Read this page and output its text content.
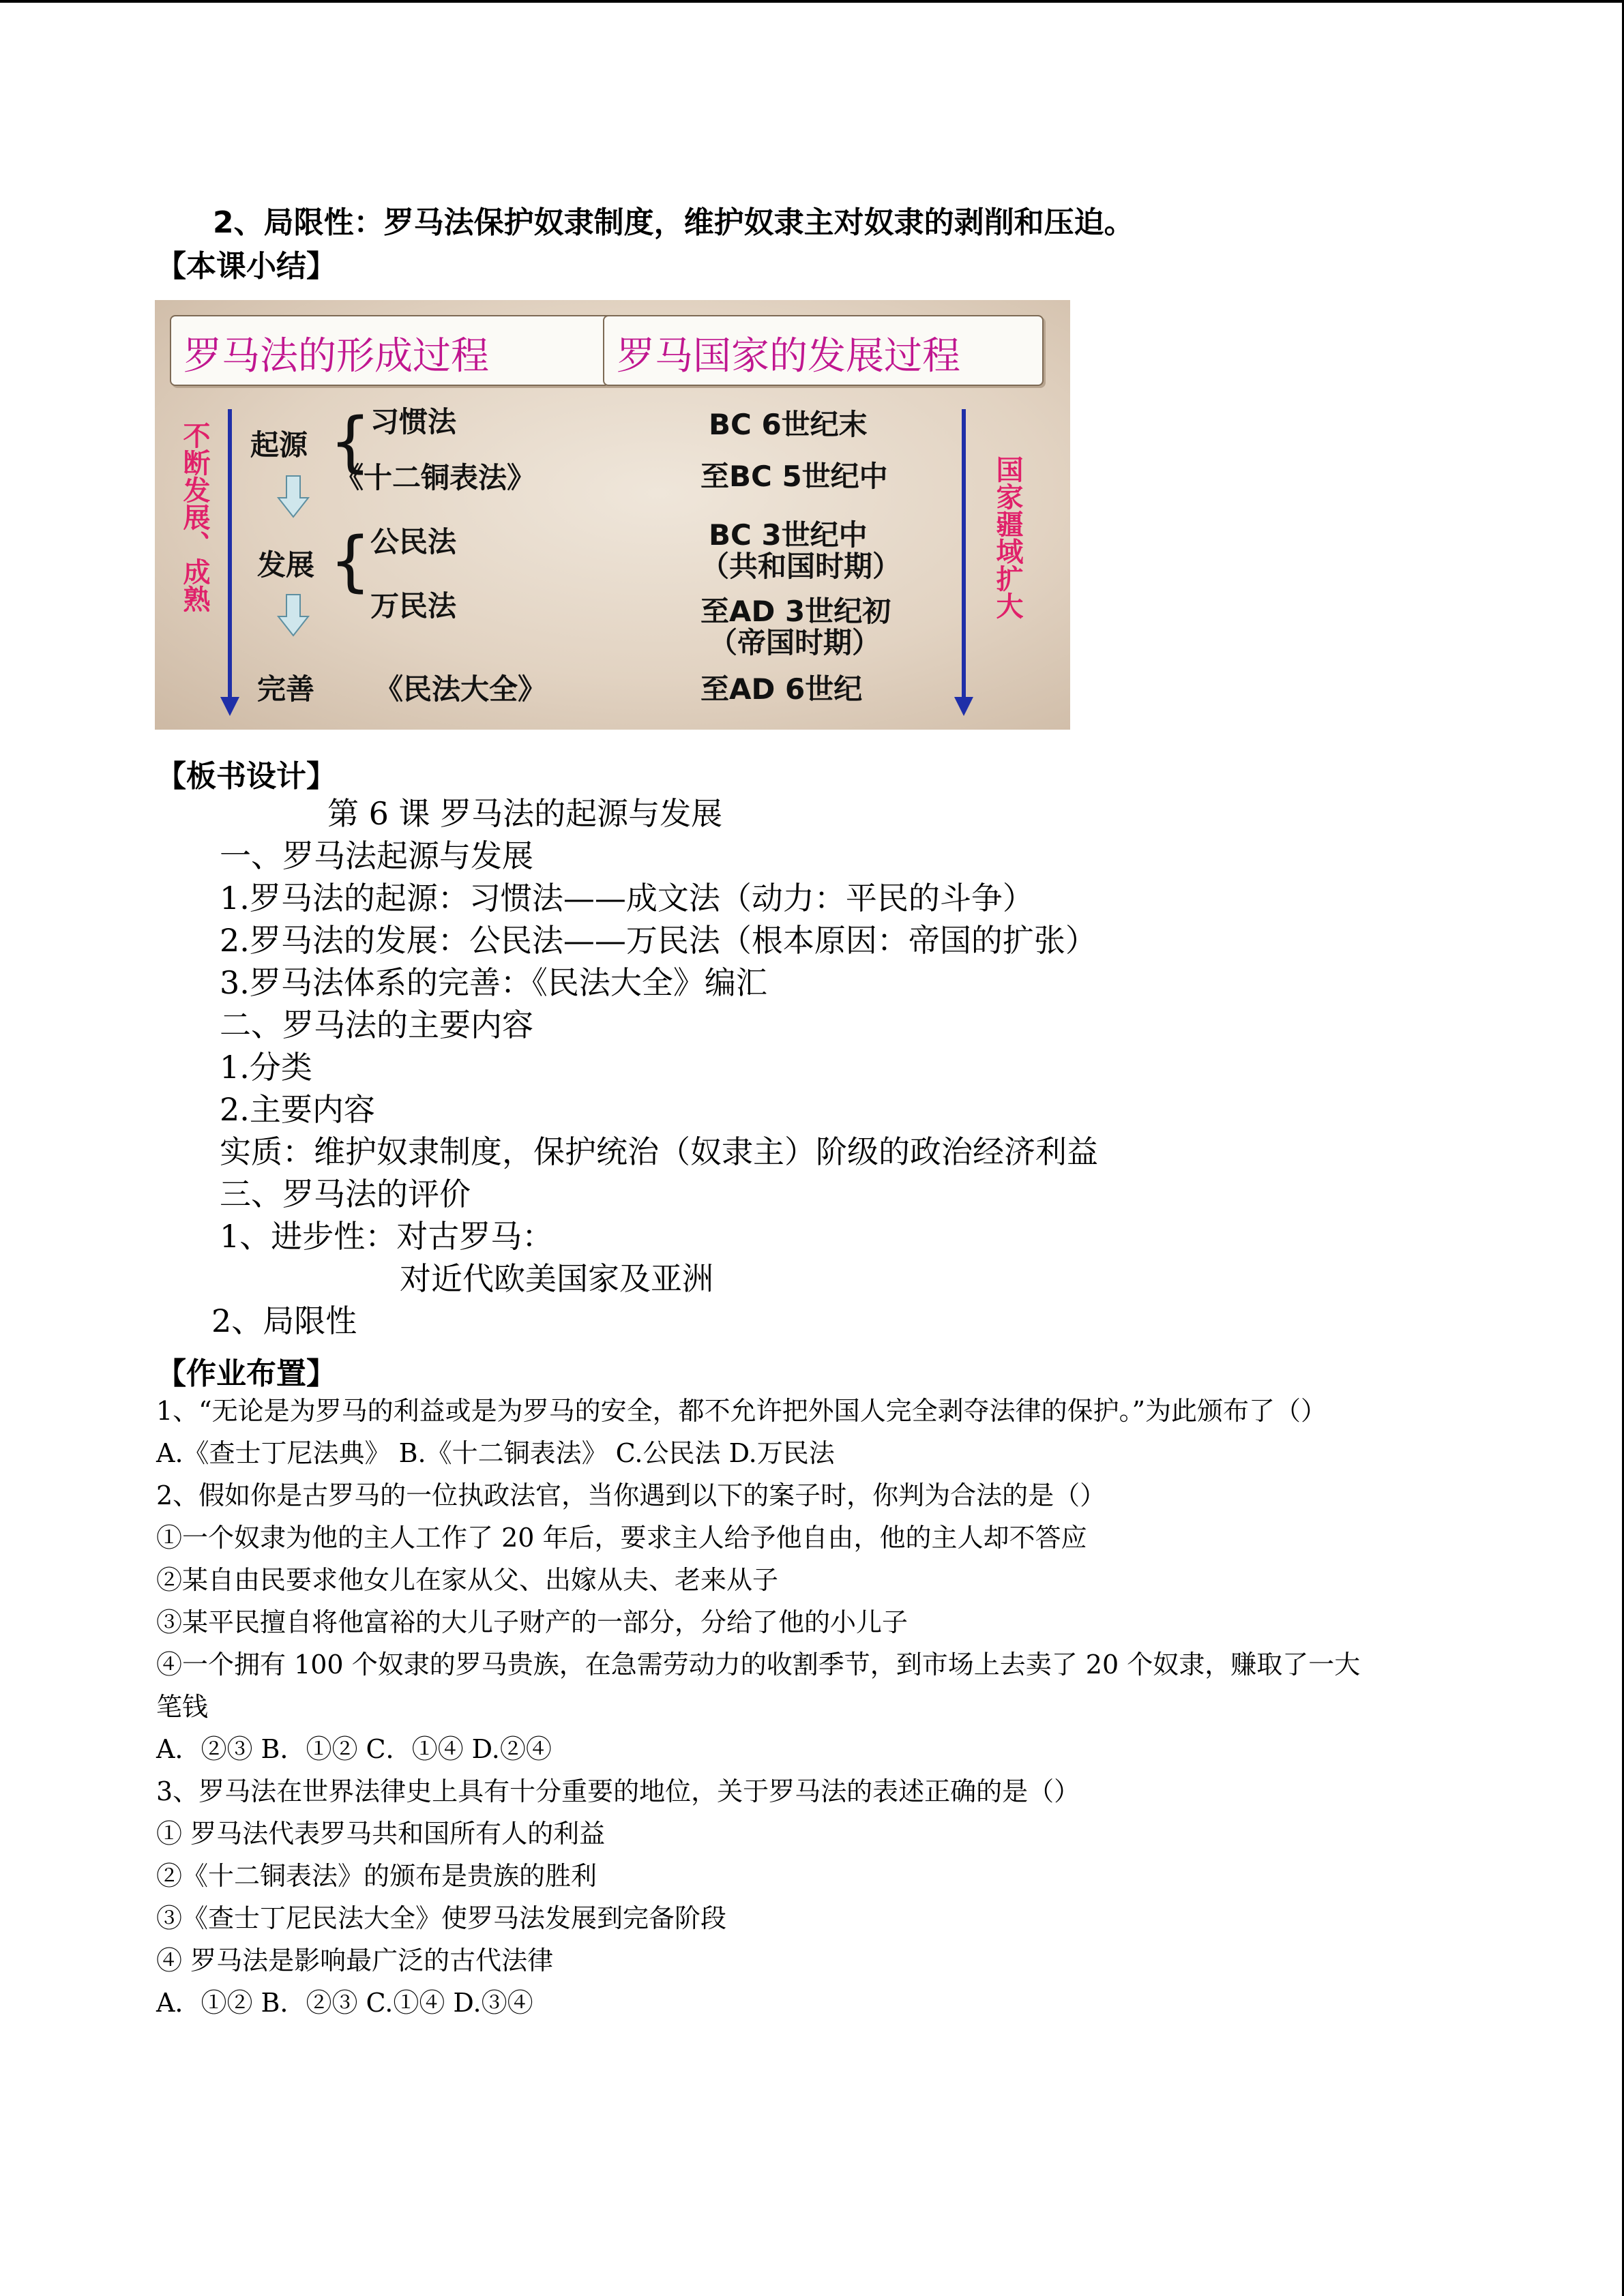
2、局限性：罗马法保护奴隶制度，维护奴隶主对奴隶的剥削和压迫。
【本课小结】
罗马法的形成过程	罗马国家的发展过程
不断发展、成熟	国家疆域扩大
起源 {
习惯法
《十二铜表法》
发展 {
公民法
万民法
完善 《民法大全》
BC 6世纪末
至BC 5世纪中
BC 3世纪中
（共和国时期）
至AD 3世纪初
（帝国时期）
至AD 6世纪
【板书设计】
第 6 课 罗马法的起源与发展
一、罗马法起源与发展
1.罗马法的起源：习惯法——成文法（动力：平民的斗争）
2.罗马法的发展：公民法——万民法（根本原因：帝国的扩张）
3.罗马法体系的完善：《民法大全》编汇
二、罗马法的主要内容
1.分类
2.主要内容
实质：维护奴隶制度，保护统治（奴隶主）阶级的政治经济利益
三、罗马法的评价
1、进步性：对古罗马：
对近代欧美国家及亚洲
2、局限性
【作业布置】
1、“无论是为罗马的利益或是为罗马的安全，都不允许把外国人完全剥夺法律的保护。”为此颁布了（）
A.《查士丁尼法典》 B.《十二铜表法》 C.公民法 D.万民法
2、假如你是古罗马的一位执政法官，当你遇到以下的案子时，你判为合法的是（）
①一个奴隶为他的主人工作了 20 年后，要求主人给予他自由，他的主人却不答应
②某自由民要求他女儿在家从父、出嫁从夫、老来从子
③某平民擅自将他富裕的大儿子财产的一部分，分给了他的小儿子
④一个拥有 100 个奴隶的罗马贵族，在急需劳动力的收割季节，到市场上去卖了 20 个奴隶，赚取了一大
笔钱
A．②③ B．①② C．①④ D.②④
3、罗马法在世界法律史上具有十分重要的地位，关于罗马法的表述正确的是（）
① 罗马法代表罗马共和国所有人的利益
②《十二铜表法》的颁布是贵族的胜利
③《查士丁尼民法大全》使罗马法发展到完备阶段
④ 罗马法是影响最广泛的古代法律
A．①② B．②③ C.①④ D.③④
